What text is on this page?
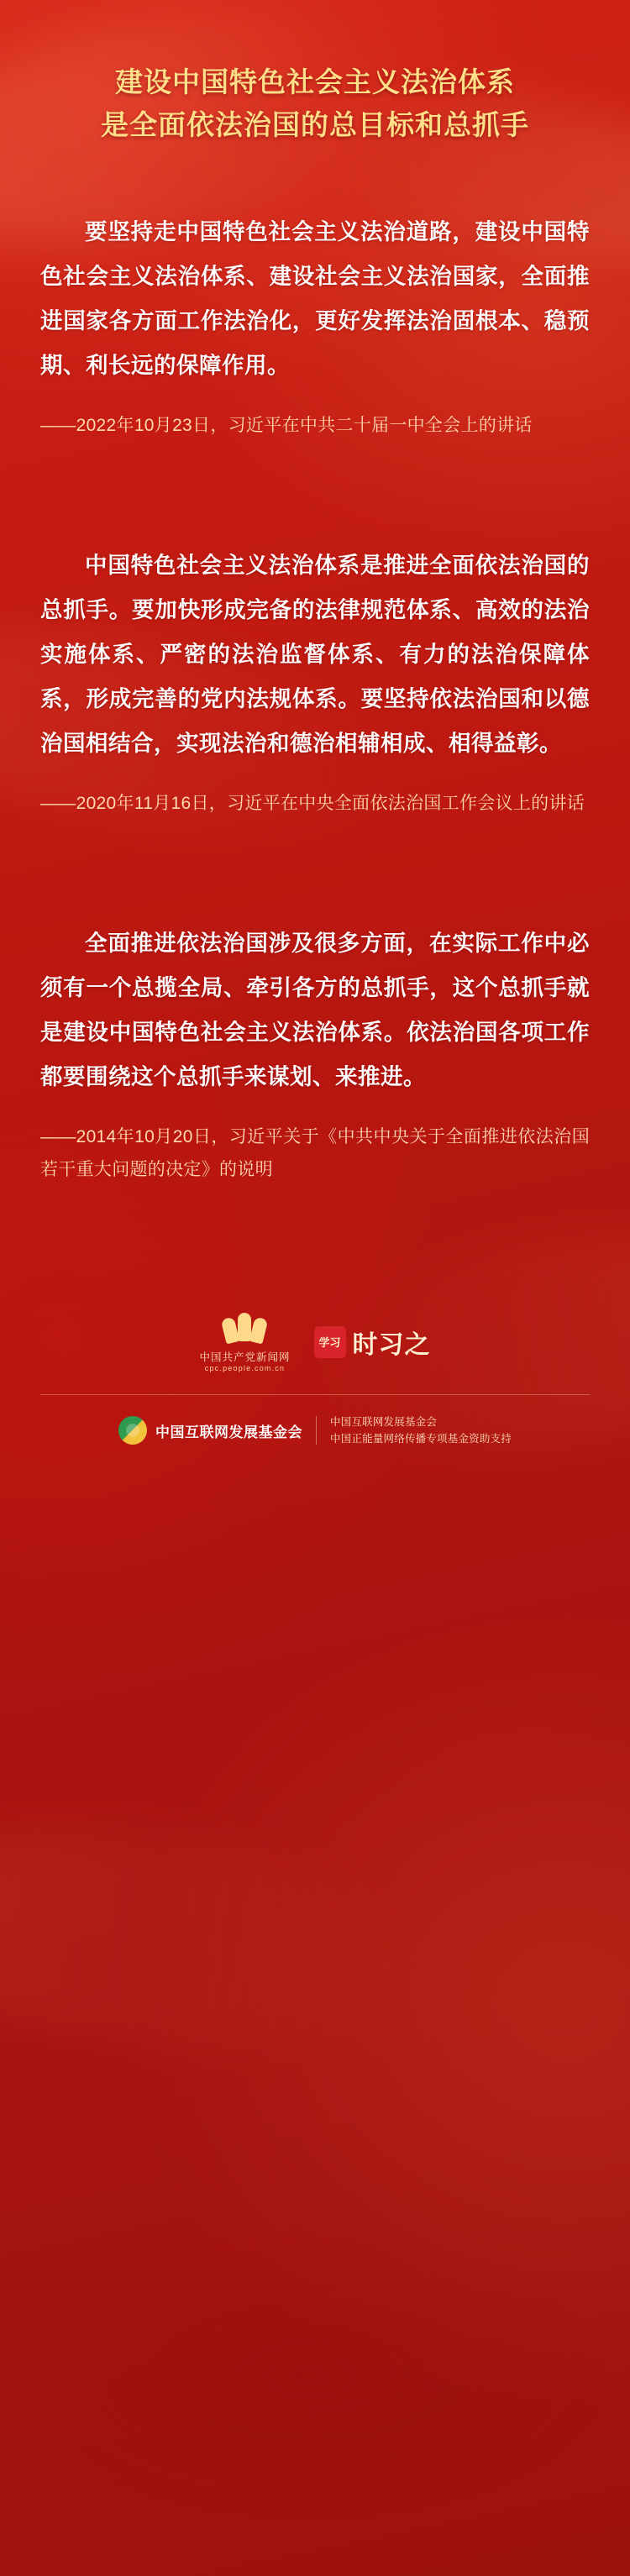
建设中国特色社会主义法治体系
是全面依法治国的总目标和总抓手
要坚持走中国特色社会主义法治道路，建设中国特色社会主义法治体系、建设社会主义法治国家，全面推进国家各方面工作法治化，更好发挥法治固根本、稳预期、利长远的保障作用。
——2022年10月23日，习近平在中共二十届一中全会上的讲话
中国特色社会主义法治体系是推进全面依法治国的总抓手。要加快形成完备的法律规范体系、高效的法治实施体系、严密的法治监督体系、有力的法治保障体系，形成完善的党内法规体系。要坚持依法治国和以德治国相结合，实现法治和德治相辅相成、相得益彰。
——2020年11月16日，习近平在中央全面依法治国工作会议上的讲话
全面推进依法治国涉及很多方面，在实际工作中必须有一个总揽全局、牵引各方的总抓手，这个总抓手就是建设中国特色社会主义法治体系。依法治国各项工作都要围绕这个总抓手来谋划、来推进。
——2014年10月20日，习近平关于《中共中央关于全面推进依法治国若干重大问题的决定》的说明
中国共产党新闻网
cpc.people.com.cn
学习 时习之
中国互联网发展基金会
中国互联网发展基金会
中国正能量网络传播专项基金资助支持
